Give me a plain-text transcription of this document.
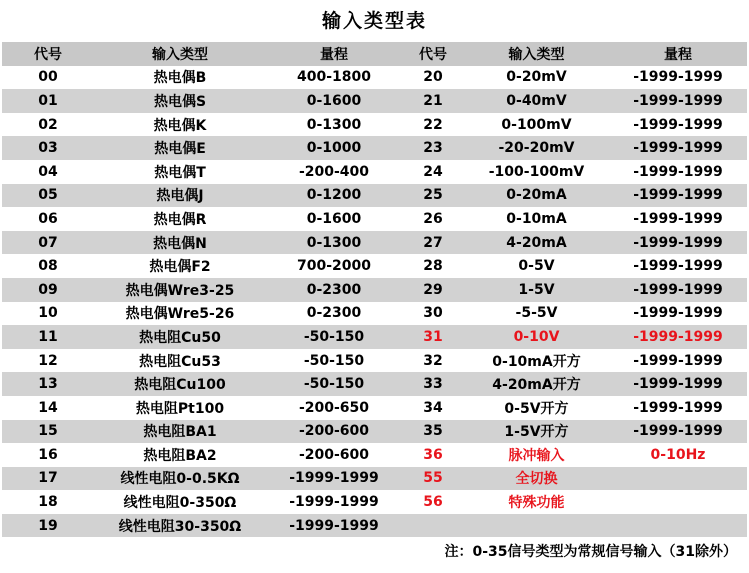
输入类型表
代号	输入类型	量程	代号	输入类型	量程
00	热电偶B	400-1800	20	0-20mV	-1999-1999
01	热电偶S	0-1600	21	0-40mV	-1999-1999
02	热电偶K	0-1300	22	0-100mV	-1999-1999
03	热电偶E	0-1000	23	-20-20mV	-1999-1999
04	热电偶T	-200-400	24	-100-100mV	-1999-1999
05	热电偶J	0-1200	25	0-20mA	-1999-1999
06	热电偶R	0-1600	26	0-10mA	-1999-1999
07	热电偶N	0-1300	27	4-20mA	-1999-1999
08	热电偶F2	700-2000	28	0-5V	-1999-1999
09	热电偶Wre3-25	0-2300	29	1-5V	-1999-1999
10	热电偶Wre5-26	0-2300	30	-5-5V	-1999-1999
11	热电阻Cu50	-50-150	31	0-10V	-1999-1999
12	热电阻Cu53	-50-150	32	0-10mA开方	-1999-1999
13	热电阻Cu100	-50-150	33	4-20mA开方	-1999-1999
14	热电阻Pt100	-200-650	34	0-5V开方	-1999-1999
15	热电阻BA1	-200-600	35	1-5V开方	-1999-1999
16	热电阻BA2	-200-600	36	脉冲输入	0-10Hz
17	线性电阻0-0.5KΩ	-1999-1999	55	全切换	
18	线性电阻0-350Ω	-1999-1999	56	特殊功能	
19	线性电阻30-350Ω	-1999-1999			
注：0-35信号类型为常规信号输入（31除外）
